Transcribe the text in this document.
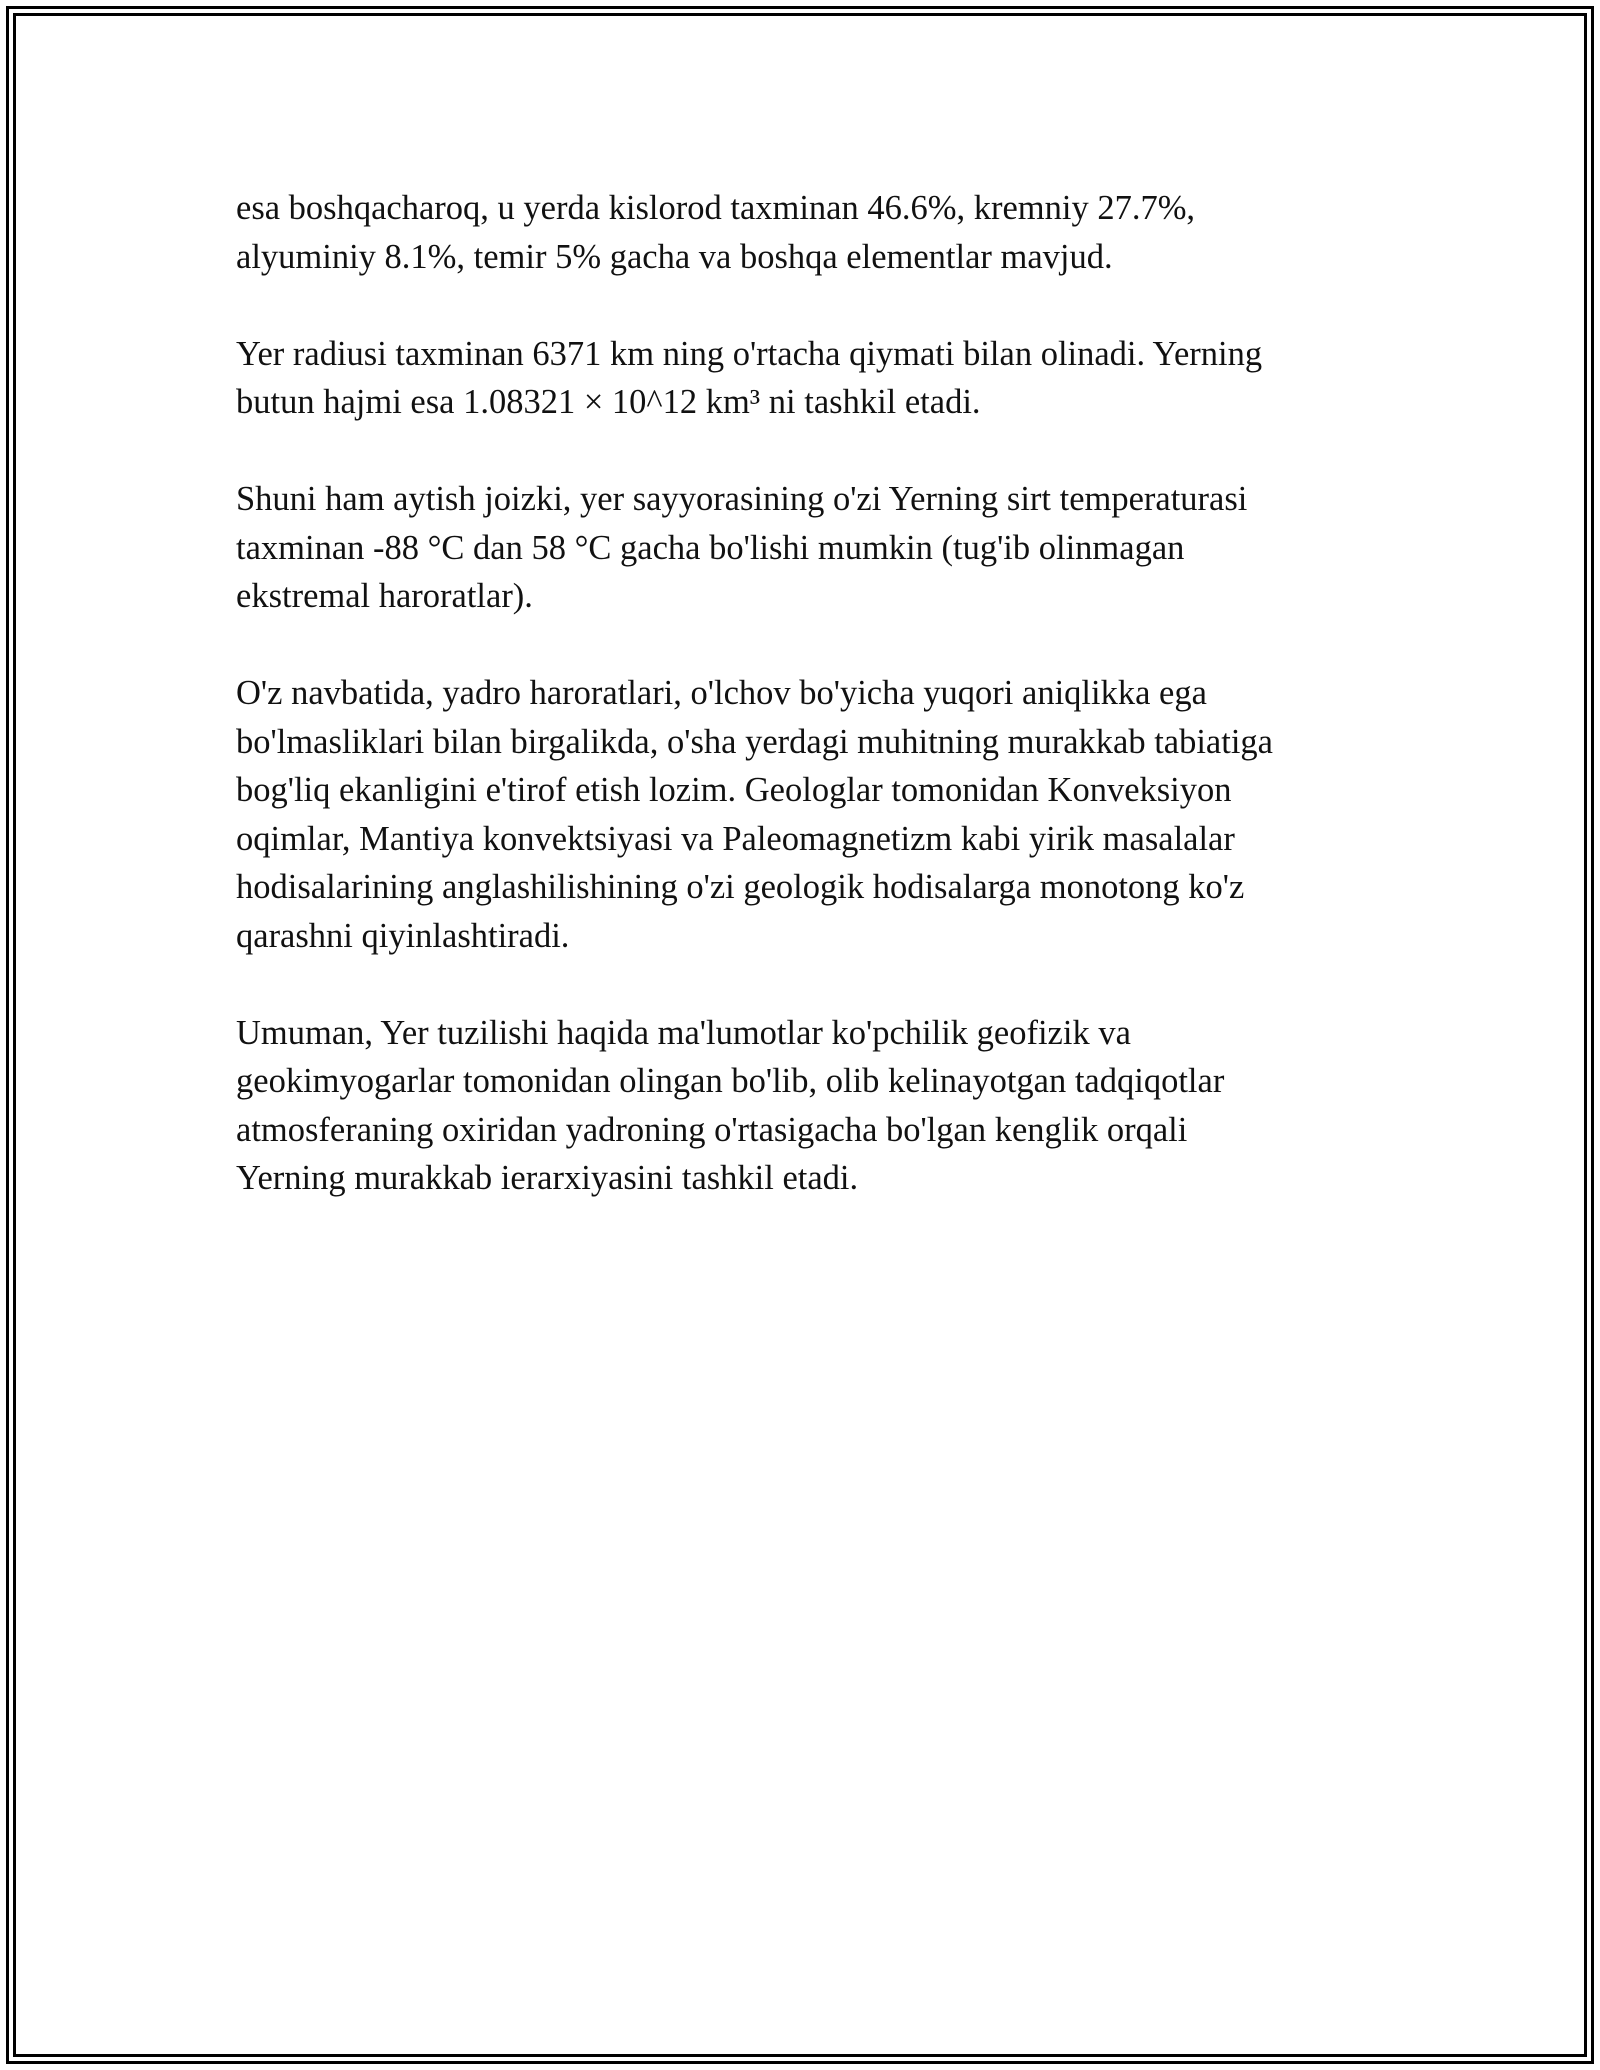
esa boshqacharoq, u yerda kislorod taxminan 46.6%, kremniy 27.7%,
alyuminiy 8.1%, temir 5% gacha va boshqa elementlar mavjud.

Yer radiusi taxminan 6371 km ning o'rtacha qiymati bilan olinadi. Yerning
butun hajmi esa 1.08321 × 10^12 km³ ni tashkil etadi.

Shuni ham aytish joizki, yer sayyorasining o'zi Yerning sirt temperaturasi
taxminan -88 °C dan 58 °C gacha bo'lishi mumkin (tug'ib olinmagan
ekstremal haroratlar).

O'z navbatida, yadro haroratlari, o'lchov bo'yicha yuqori aniqlikka ega
bo'lmasliklari bilan birgalikda, o'sha yerdagi muhitning murakkab tabiatiga
bog'liq ekanligini e'tirof etish lozim. Geologlar tomonidan Konveksiyon
oqimlar, Mantiya konvektsiyasi va Paleomagnetizm kabi yirik masalalar
hodisalarining anglashilishining o'zi geologik hodisalarga monotong ko'z
qarashni qiyinlashtiradi.

Umuman, Yer tuzilishi haqida ma'lumotlar ko'pchilik geofizik va
geokimyogarlar tomonidan olingan bo'lib, olib kelinayotgan tadqiqotlar
atmosferaning oxiridan yadroning o'rtasigacha bo'lgan kenglik orqali
Yerning murakkab ierarxiyasini tashkil etadi.
